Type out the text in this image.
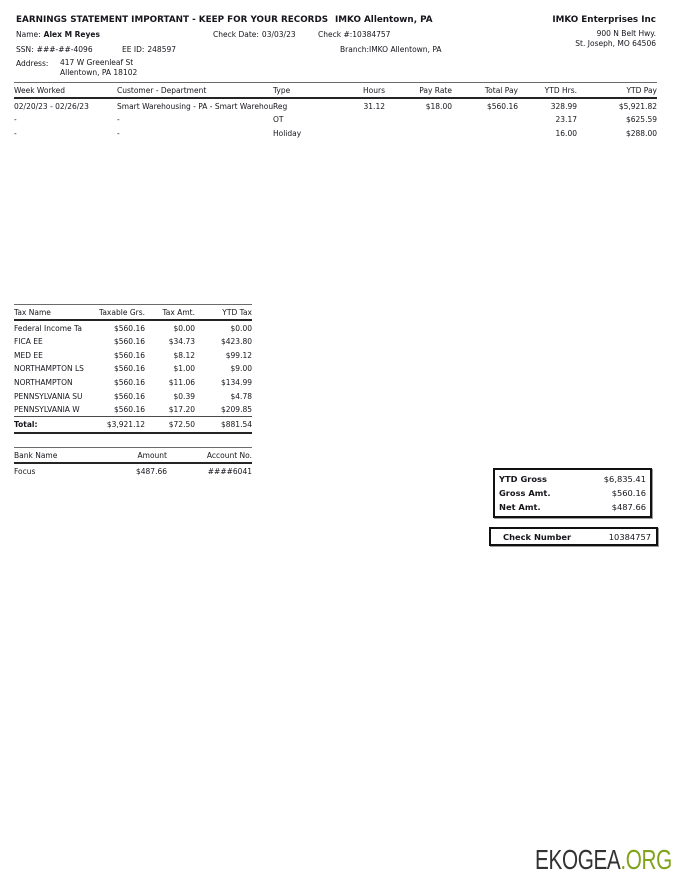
EARNINGS STATEMENT IMPORTANT - KEEP FOR YOUR RECORDS IMKO Allentown, PA	IMKO Enterprises Inc
900 N Belt Hwy.
St. Joseph, MO 64506
Name: Alex M Reyes	Check Date: 03/03/23	Check #:10384757
SSN: ###-##-4096	EE ID: 248597	Branch:IMKO Allentown, PA
Address: 417 W Greenleaf St
Allentown, PA 18102
Week Worked	Customer - Department	Type	Hours	Pay Rate	Total Pay	YTD Hrs.	YTD Pay
02/20/23 - 02/26/23	Smart Warehousing - PA - Smart Warehou	Reg	31.12	$18.00	$560.16	328.99	$5,921.82
-	-	OT				23.17	$625.59
-	-	Holiday				16.00	$288.00
Tax Name	Taxable Grs.	Tax Amt.	YTD Tax
Federal Income Ta	$560.16	$0.00	$0.00
FICA EE	$560.16	$34.73	$423.80
MED EE	$560.16	$8.12	$99.12
NORTHAMPTON LS	$560.16	$1.00	$9.00
NORTHAMPTON	$560.16	$11.06	$134.99
PENNSYLVANIA SU	$560.16	$0.39	$4.78
PENNSYLVANIA W	$560.16	$17.20	$209.85
Total:	$3,921.12	$72.50	$881.54
Bank Name	Amount	Account No.
Focus	$487.66	####6041
YTD Gross	$6,835.41
Gross Amt.	$560.16
Net Amt.	$487.66
Check Number	10384757
EKOGEA.ORG
